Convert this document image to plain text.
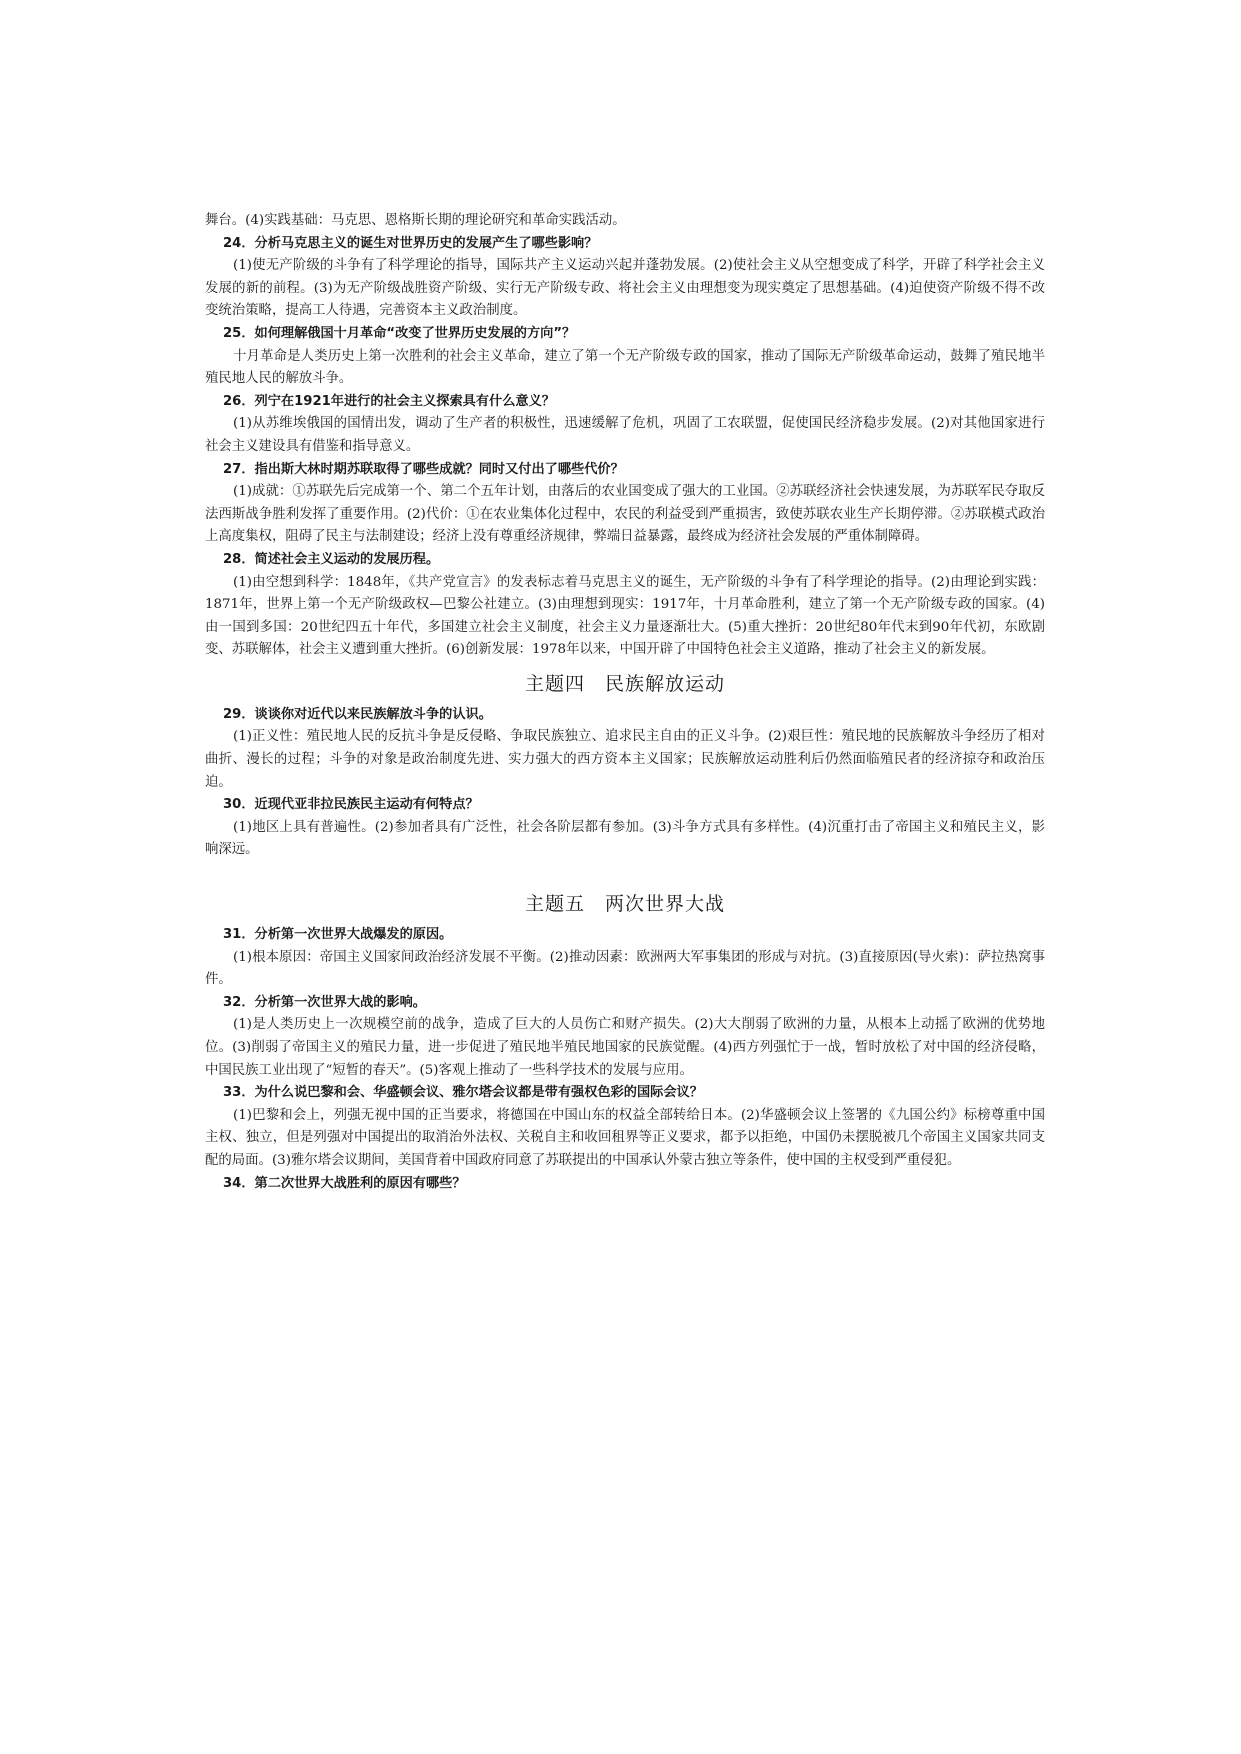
舞台。(4)实践基础：马克思、恩格斯长期的理论研究和革命实践活动。

24．分析马克思主义的诞生对世界历史的发展产生了哪些影响？

(1)使无产阶级的斗争有了科学理论的指导，国际共产主义运动兴起并蓬勃发展。(2)使社会主义从空想变成了科学，开辟了科学社会主义发展的新的前程。(3)为无产阶级战胜资产阶级、实行无产阶级专政、将社会主义由理想变为现实奠定了思想基础。(4)迫使资产阶级不得不改变统治策略，提高工人待遇，完善资本主义政治制度。

25．如何理解俄国十月革命“改变了世界历史发展的方向”？

十月革命是人类历史上第一次胜利的社会主义革命，建立了第一个无产阶级专政的国家，推动了国际无产阶级革命运动，鼓舞了殖民地半殖民地人民的解放斗争。

26．列宁在1921年进行的社会主义探索具有什么意义？

(1)从苏维埃俄国的国情出发，调动了生产者的积极性，迅速缓解了危机，巩固了工农联盟，促使国民经济稳步发展。(2)对其他国家进行社会主义建设具有借鉴和指导意义。

27．指出斯大林时期苏联取得了哪些成就？同时又付出了哪些代价？

(1)成就：①苏联先后完成第一个、第二个五年计划，由落后的农业国变成了强大的工业国。②苏联经济社会快速发展，为苏联军民夺取反法西斯战争胜利发挥了重要作用。(2)代价：①在农业集体化过程中，农民的利益受到严重损害，致使苏联农业生产长期停滞。②苏联模式政治上高度集权，阻碍了民主与法制建设；经济上没有尊重经济规律，弊端日益暴露，最终成为经济社会发展的严重体制障碍。

28．简述社会主义运动的发展历程。

(1)由空想到科学：1848年，《共产党宣言》的发表标志着马克思主义的诞生，无产阶级的斗争有了科学理论的指导。(2)由理论到实践：1871年，世界上第一个无产阶级政权—巴黎公社建立。(3)由理想到现实：1917年，十月革命胜利，建立了第一个无产阶级专政的国家。(4)由一国到多国：20世纪四五十年代，多国建立社会主义制度，社会主义力量逐渐壮大。(5)重大挫折：20世纪80年代末到90年代初，东欧剧变、苏联解体，社会主义遭到重大挫折。(6)创新发展：1978年以来，中国开辟了中国特色社会主义道路，推动了社会主义的新发展。

主题四 民族解放运动

29．谈谈你对近代以来民族解放斗争的认识。

(1)正义性：殖民地人民的反抗斗争是反侵略、争取民族独立、追求民主自由的正义斗争。(2)艰巨性：殖民地的民族解放斗争经历了相对曲折、漫长的过程；斗争的对象是政治制度先进、实力强大的西方资本主义国家；民族解放运动胜利后仍然面临殖民者的经济掠夺和政治压迫。

30．近现代亚非拉民族民主运动有何特点？

(1)地区上具有普遍性。(2)参加者具有广泛性，社会各阶层都有参加。(3)斗争方式具有多样性。(4)沉重打击了帝国主义和殖民主义，影响深远。

主题五 两次世界大战

31．分析第一次世界大战爆发的原因。

(1)根本原因：帝国主义国家间政治经济发展不平衡。(2)推动因素：欧洲两大军事集团的形成与对抗。(3)直接原因(导火索)：萨拉热窝事件。

32．分析第一次世界大战的影响。

(1)是人类历史上一次规模空前的战争，造成了巨大的人员伤亡和财产损失。(2)大大削弱了欧洲的力量，从根本上动摇了欧洲的优势地位。(3)削弱了帝国主义的殖民力量，进一步促进了殖民地半殖民地国家的民族觉醒。(4)西方列强忙于一战，暂时放松了对中国的经济侵略，中国民族工业出现了“短暂的春天”。(5)客观上推动了一些科学技术的发展与应用。

33．为什么说巴黎和会、华盛顿会议、雅尔塔会议都是带有强权色彩的国际会议？

(1)巴黎和会上，列强无视中国的正当要求，将德国在中国山东的权益全部转给日本。(2)华盛顿会议上签署的《九国公约》标榜尊重中国主权、独立，但是列强对中国提出的取消治外法权、关税自主和收回租界等正义要求，都予以拒绝，中国仍未摆脱被几个帝国主义国家共同支配的局面。(3)雅尔塔会议期间，美国背着中国政府同意了苏联提出的中国承认外蒙古独立等条件，使中国的主权受到严重侵犯。

34．第二次世界大战胜利的原因有哪些？
